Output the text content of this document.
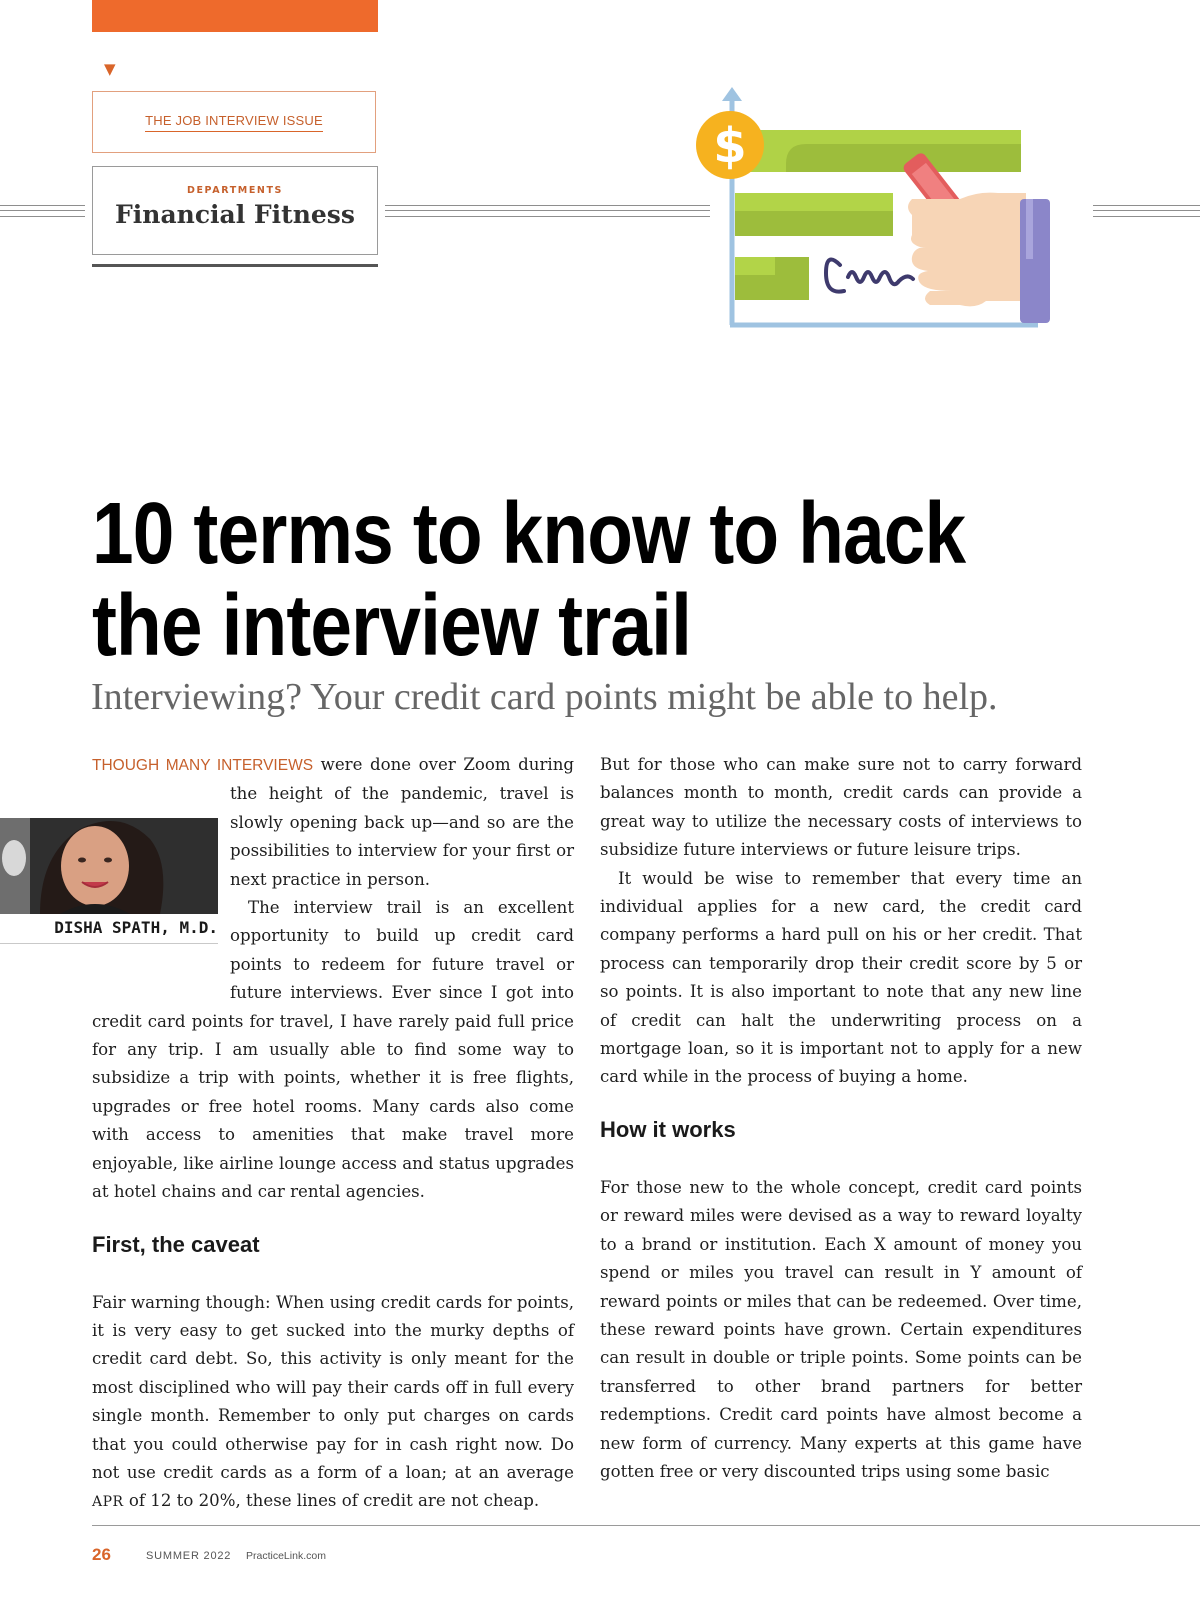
▼
THE JOB INTERVIEW ISSUE
DEPARTMENTS
Financial Fitness
$
10 terms to know to hack
the interview trail
Interviewing? Your credit card points might be able to help.

THOUGH MANY INTERVIEWS were done over Zoom during the height of the pandemic, travel is slowly opening back up—and so are the possibilities to interview for your first or next practice in person.

The interview trail is an excellent opportunity to build up credit card points to redeem for future travel or future interviews. Ever since I got into credit card points for travel, I have rarely paid full price for any trip. I am usually able to find some way to subsidize a trip with points, whether it is free flights, upgrades or free hotel rooms. Many cards also come with access to amenities that make travel more enjoyable, like airline lounge access and status upgrades at hotel chains and car rental agencies.

First, the caveat

Fair warning though: When using credit cards for points, it is very easy to get sucked into the murky depths of credit card debt. So, this activity is only meant for the most disciplined who will pay their cards off in full every single month. Remember to only put charges on cards that you could otherwise pay for in cash right now. Do not use credit cards as a form of a loan; at an average APR of 12 to 20%, these lines of credit are not cheap.

DISHA SPATH, M.D.

But for those who can make sure not to carry forward balances month to month, credit cards can provide a great way to utilize the necessary costs of interviews to subsidize future interviews or future leisure trips.

It would be wise to remember that every time an individual applies for a new card, the credit card company performs a hard pull on his or her credit. That process can temporarily drop their credit score by 5 or so points. It is also important to note that any new line of credit can halt the underwriting process on a mortgage loan, so it is important not to apply for a new card while in the process of buying a home.

How it works

For those new to the whole concept, credit card points or reward miles were devised as a way to reward loyalty to a brand or institution. Each X amount of money you spend or miles you travel can result in Y amount of reward points or miles that can be redeemed. Over time, these reward points have grown. Certain expenditures can result in double or triple points. Some points can be transferred to other brand partners for better redemptions. Credit card points have almost become a new form of currency. Many experts at this game have gotten free or very discounted trips using some basic

26	SUMMER 2022 PracticeLink.com
